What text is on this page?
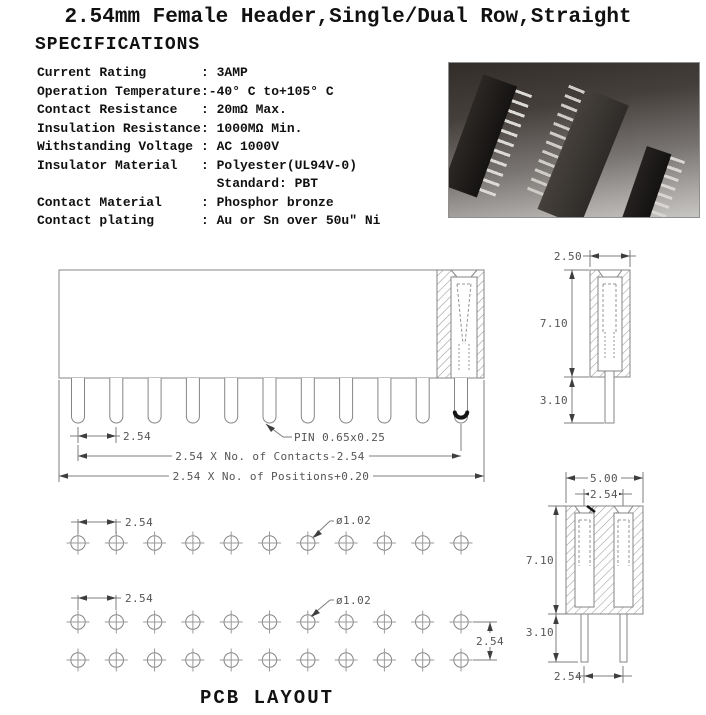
2.54mm Female Header,Single/Dual Row,Straight
SPECIFICATIONS
Current Rating	: 3AMP
Operation Temperature:-40° C to+105° C
Contact Resistance : 20mΩ Max.
Insulation Resistance: 1000MΩ Min.
Withstanding Voltage : AC 1000V
Insulator Material : Polyester(UL94V-0)
Standard: PBT
Contact Material	: Phosphor bronze
Contact plating	: Au or Sn over 50u" Ni
2.54	PIN 0.65x0.25
2.54 X No. of Contacts-2.54
2.54 X No. of Positions+0.20
2.50
7.10
3.10
5.00
2.54
7.10
3.10
2.54
2.54	ø1.02
2.54	ø1.02
2.54
PCB LAYOUT
